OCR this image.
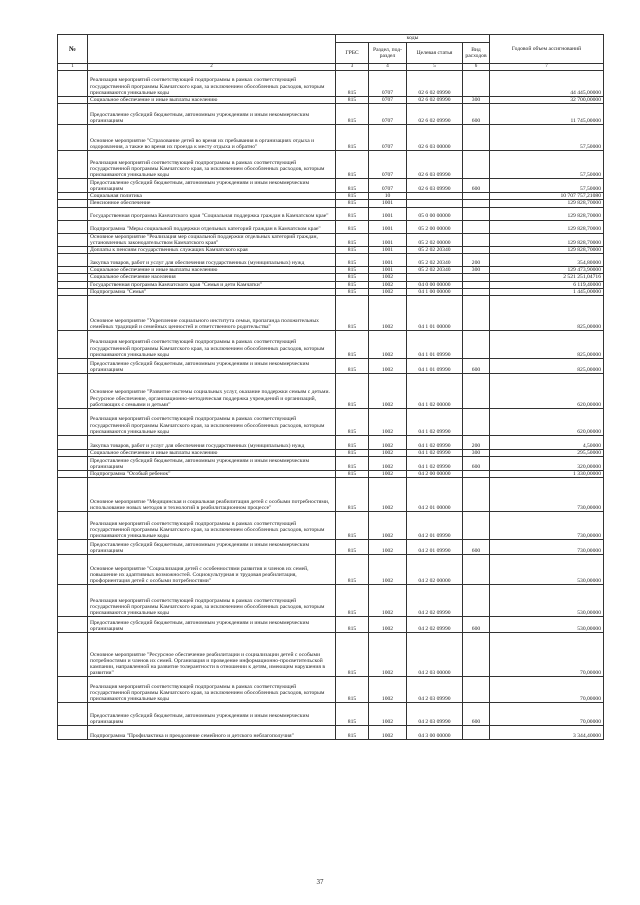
№		коды				Годовой объем ассигнований
		ГРБС	Раздел, под-раздел	Целевая статья	Вид расходов	
1	2	3	4	5	6	7
	Реализация мероприятий соответствующей подпрограммы в рамках соответствующей государственной программы Камчатского края, за исключением обособленных расходов, которым присваиваются уникальные коды	815	0707	02 6 02 09990		44 445,00000
	Социальное обеспечение и иные выплаты населению	815	0707	02 6 02 09990	300	32 700,00000
	Предоставление субсидий бюджетным, автономным учреждениям и иным некоммерческим организациям	815	0707	02 6 02 09990	600	11 745,00000
	Основное мероприятие "Страхование детей во время их пребывания в организациях отдыха и оздоровления, а также во время их проезда к месту отдыха и обратно"	815	0707	02 6 03 00000		57,50000
	Реализация мероприятий соответствующей подпрограммы в рамках соответствующей государственной программы Камчатского края, за исключением обособленных расходов, которым присваиваются уникальные коды	815	0707	02 6 03 09990		57,50000
	Предоставление субсидий бюджетным, автономным учреждениям и иным некоммерческим организациям	815	0707	02 6 03 09990	600	57,50000
	Социальная политика	815	10			10 707 757,21080
	Пенсионное обеспечение	815	1001			129 828,70000
	Государственная программа Камчатского края "Социальная поддержка граждан в Камчатском крае"	815	1001	05 0 00 00000		129 828,70000
	Подпрограмма "Меры социальной поддержки отдельных категорий граждан в Камчатском крае"	815	1001	05 2 00 00000		129 828,70000
	Основное мероприятие "Реализация мер социальной поддержки отдельных категорий граждан, установленных законодательством Камчатского края"	815	1001	05 2 02 00000		129 828,70000
	Доплаты к пенсиям государственных служащих Камчатского края	815	1001	05 2 02 20340		129 828,70000
	Закупка товаров, работ и услуг для обеспечения государственных (муниципальных) нужд	815	1001	05 2 02 20340	200	354,80000
	Социальное обеспечение и иные выплаты населению	815	1001	05 2 02 20340	300	129 473,90000
	Социальное обеспечение населения	815	1002			2 521 251,04716
	Государственная программа Камчатского края "Семья и дети Камчатки"	815	1002	04 0 00 00000		6 119,40000
	Подпрограмма "Семья"	815	1002	04 1 00 00000		1 445,00000
	Основное мероприятие "Укрепление социального института семьи, пропаганда положительных семейных традиций и семейных ценностей и ответственного родительства"	815	1002	04 1 01 00000		825,00000
	Реализация мероприятий соответствующей подпрограммы в рамках соответствующей государственной программы Камчатского края, за исключением обособленных расходов, которым присваиваются уникальные коды	815	1002	04 1 01 09990		825,00000
	Предоставление субсидий бюджетным, автономным учреждениям и иным некоммерческим организациям	815	1002	04 1 01 09990	600	825,00000
	Основное мероприятие "Развитие системы социальных услуг, оказание поддержки семьям с детьми. Ресурсное обеспечение, организационно-методическая поддержка учреждений и организаций, работающих с семьями и детьми"	815	1002	04 1 02 00000		620,00000
	Реализация мероприятий соответствующей подпрограммы в рамках соответствующей государственной программы Камчатского края, за исключением обособленных расходов, которым присваиваются уникальные коды	815	1002	04 1 02 09990		620,00000
	Закупка товаров, работ и услуг для обеспечения государственных (муниципальных) нужд	815	1002	04 1 02 09990	200	4,50000
	Социальное обеспечение и иные выплаты населению	815	1002	04 1 02 09990	300	295,50000
	Предоставление субсидий бюджетным, автономным учреждениям и иным некоммерческим организациям	815	1002	04 1 02 09990	600	320,00000
	Подпрограмма "Особый ребенок"	815	1002	04 2 00 00000		1 330,00000
	Основное мероприятие "Медицинская и социальная реабилитация детей с особыми потребностями, использование новых методов и технологий в реабилитационном процессе"	815	1002	04 2 01 00000		730,00000
	Реализация мероприятий соответствующей подпрограммы в рамках соответствующей государственной программы Камчатского края, за исключением обособленных расходов, которым присваиваются уникальные коды	815	1002	04 2 01 09990		730,00000
	Предоставление субсидий бюджетным, автономным учреждениям и иным некоммерческим организациям	815	1002	04 2 01 09990	600	730,00000
	Основное мероприятие "Социализация детей с особенностями развития и членов их семей, повышение их адаптивных возможностей. Социокультурная и трудовая реабилитация, профориентация детей с особыми потребностями"	815	1002	04 2 02 00000		530,00000
	Реализация мероприятий соответствующей подпрограммы в рамках соответствующей государственной программы Камчатского края, за исключением обособленных расходов, которым присваиваются уникальные коды	815	1002	04 2 02 09990		530,00000
	Предоставление субсидий бюджетным, автономным учреждениям и иным некоммерческим организациям	815	1002	04 2 02 09990	600	530,00000
	Основное мероприятие "Ресурсное обеспечение реабилитации и социализации детей с особыми потребностями и членов их семей. Организация и проведение информационно-просветительской кампании, направленной на развитие толерантности в отношении к детям, имеющим нарушения в развитии"	815	1002	04 2 03 00000		70,00000
	Реализация мероприятий соответствующей подпрограммы в рамках соответствующей государственной программы Камчатского края, за исключением обособленных расходов, которым присваиваются уникальные коды	815	1002	04 2 03 09990		70,00000
	Предоставление субсидий бюджетным, автономным учреждениям и иным некоммерческим организациям	815	1002	04 2 03 09990	600	70,00000
	Подпрограмма "Профилактика и преодоление семейного и детского неблагополучия"	815	1002	04 3 00 00000		3 344,40000
37
